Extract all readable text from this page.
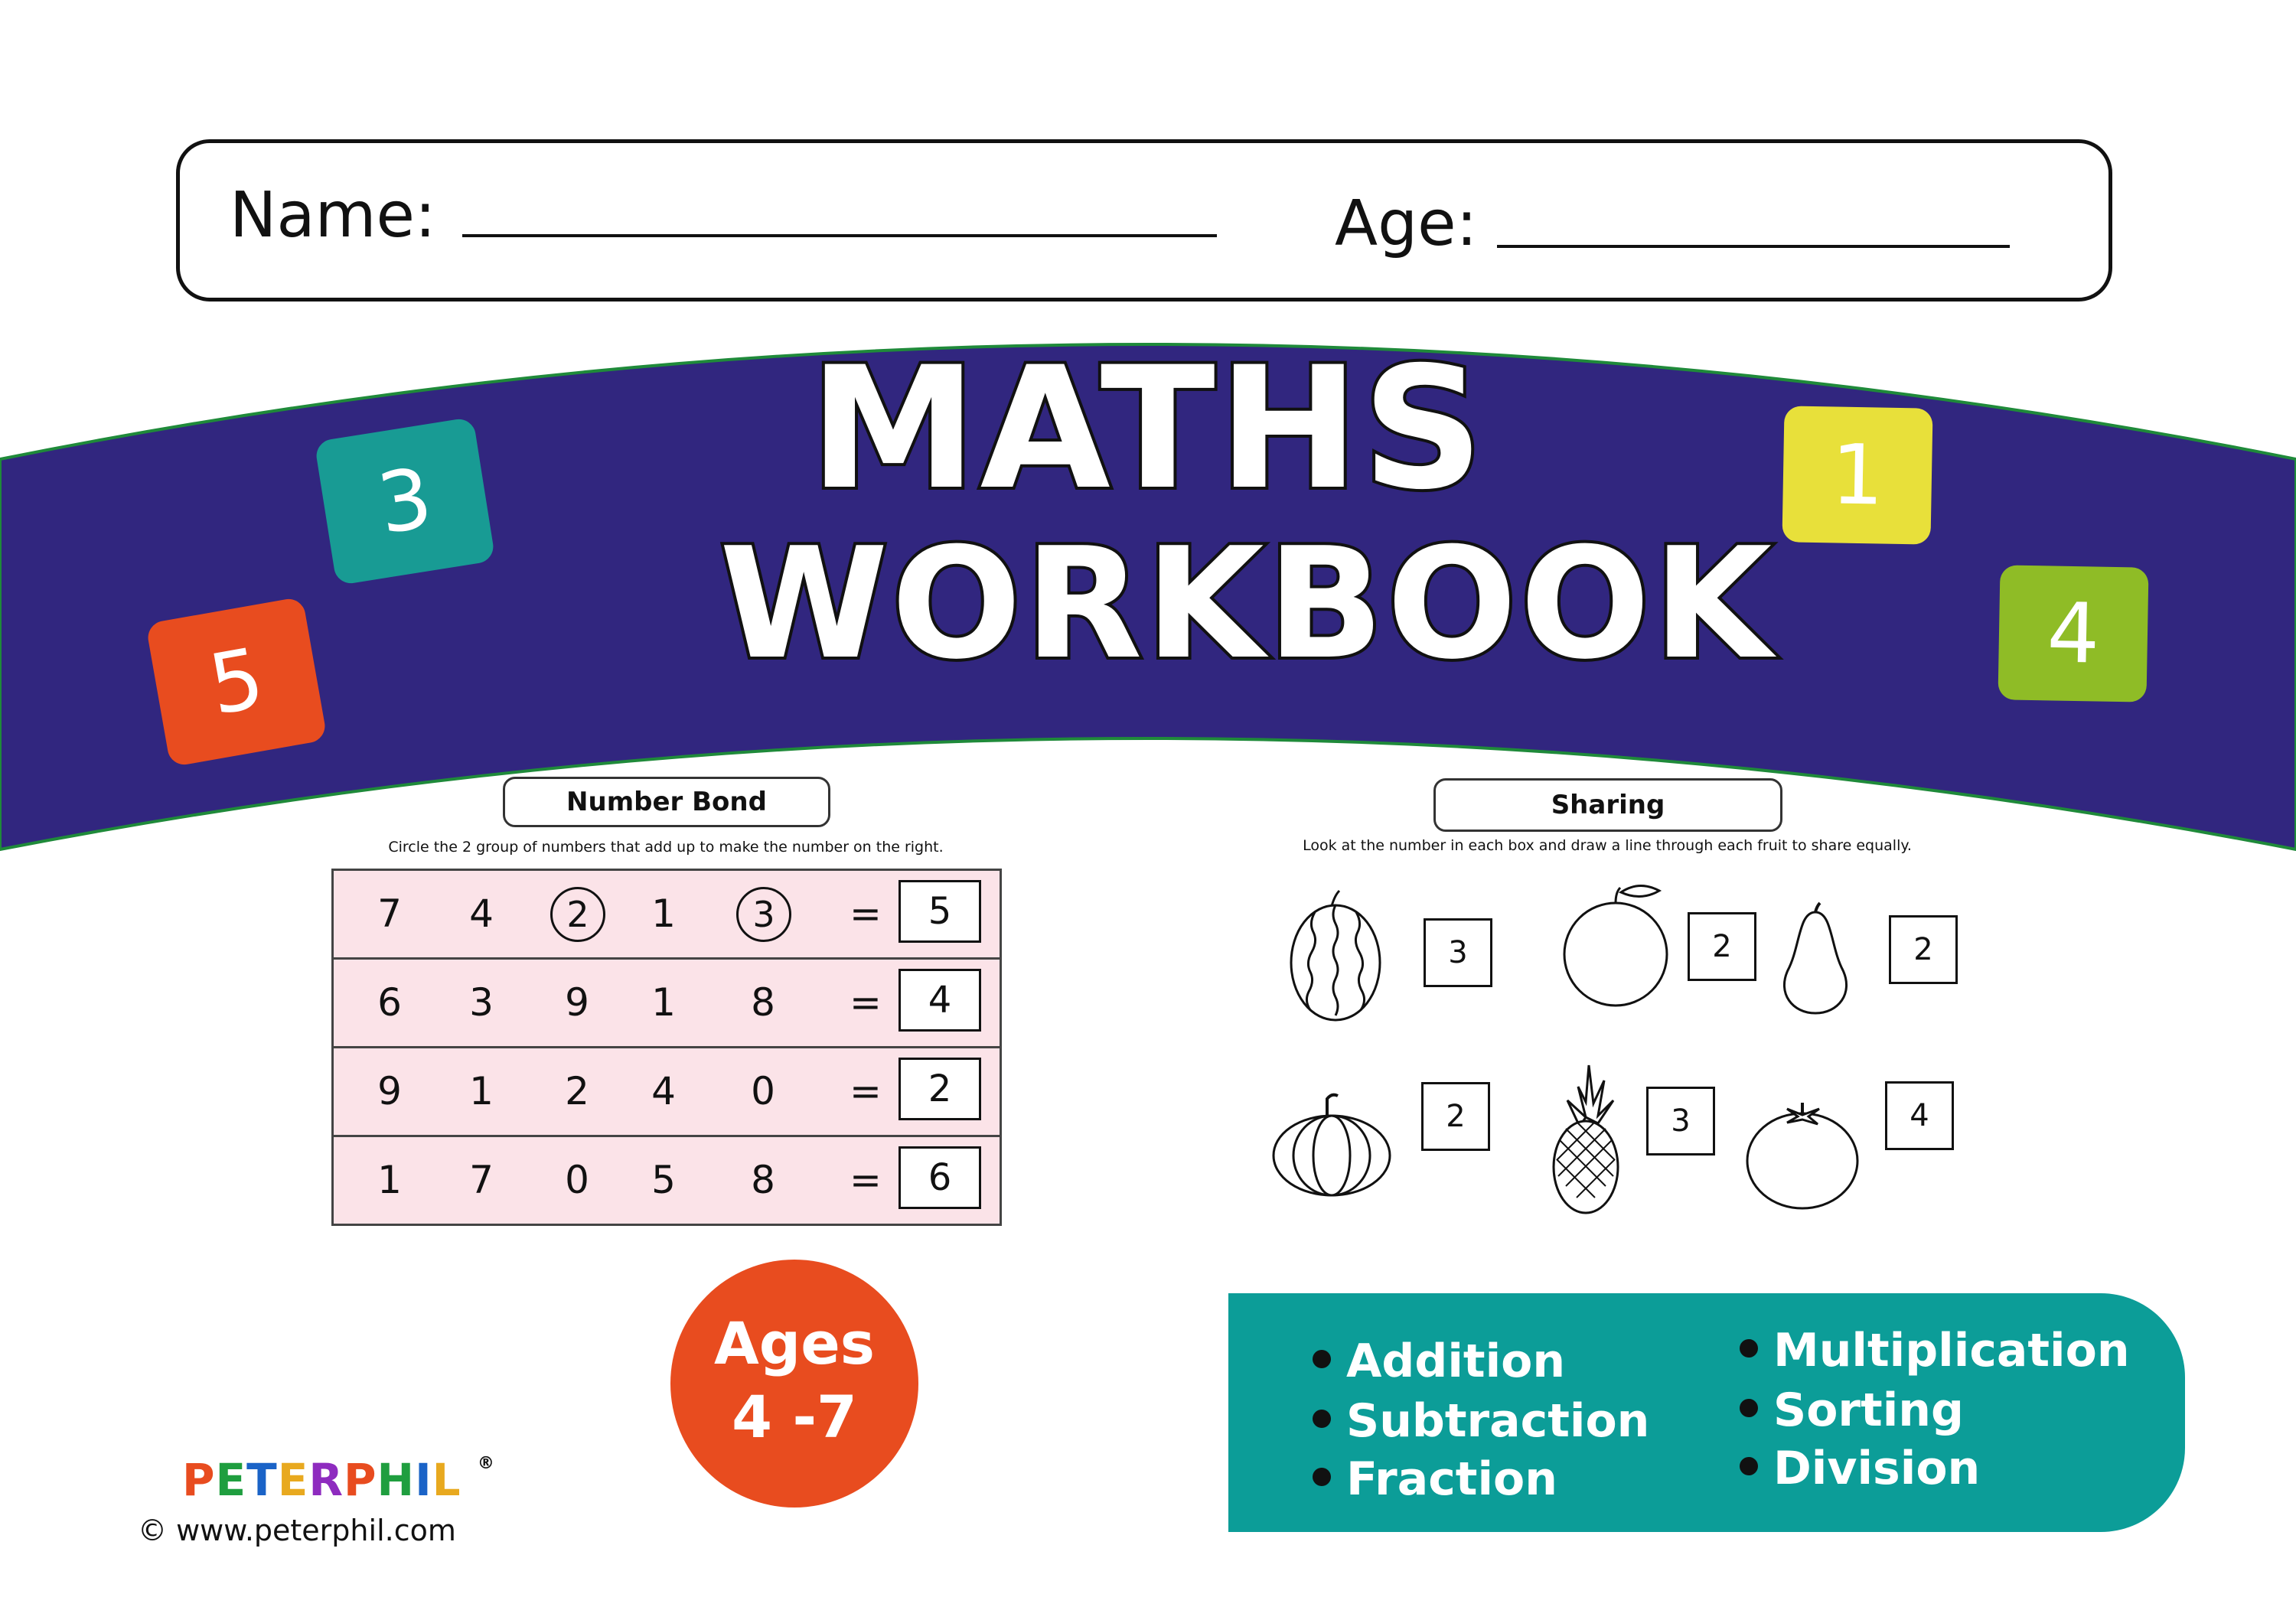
Name:	Age:
MATHS
WORKBOOK
3
5
1
4
Number Bond
Circle the 2 group of numbers that add up to make the number on the right.
7	4	2	1	3	=	5
6	3	9	1	8	=	4
9	1	2	4	0	=	2
1	7	0	5	8	=	6
Sharing
Look at the number in each box and draw a line through each fruit to share equally.
3	2	2
2	3	4
Ages
4 -7
Addition
Subtraction
Fraction
Multiplication
Sorting
Division
PETERPHIL ®
© www.peterphil.com
